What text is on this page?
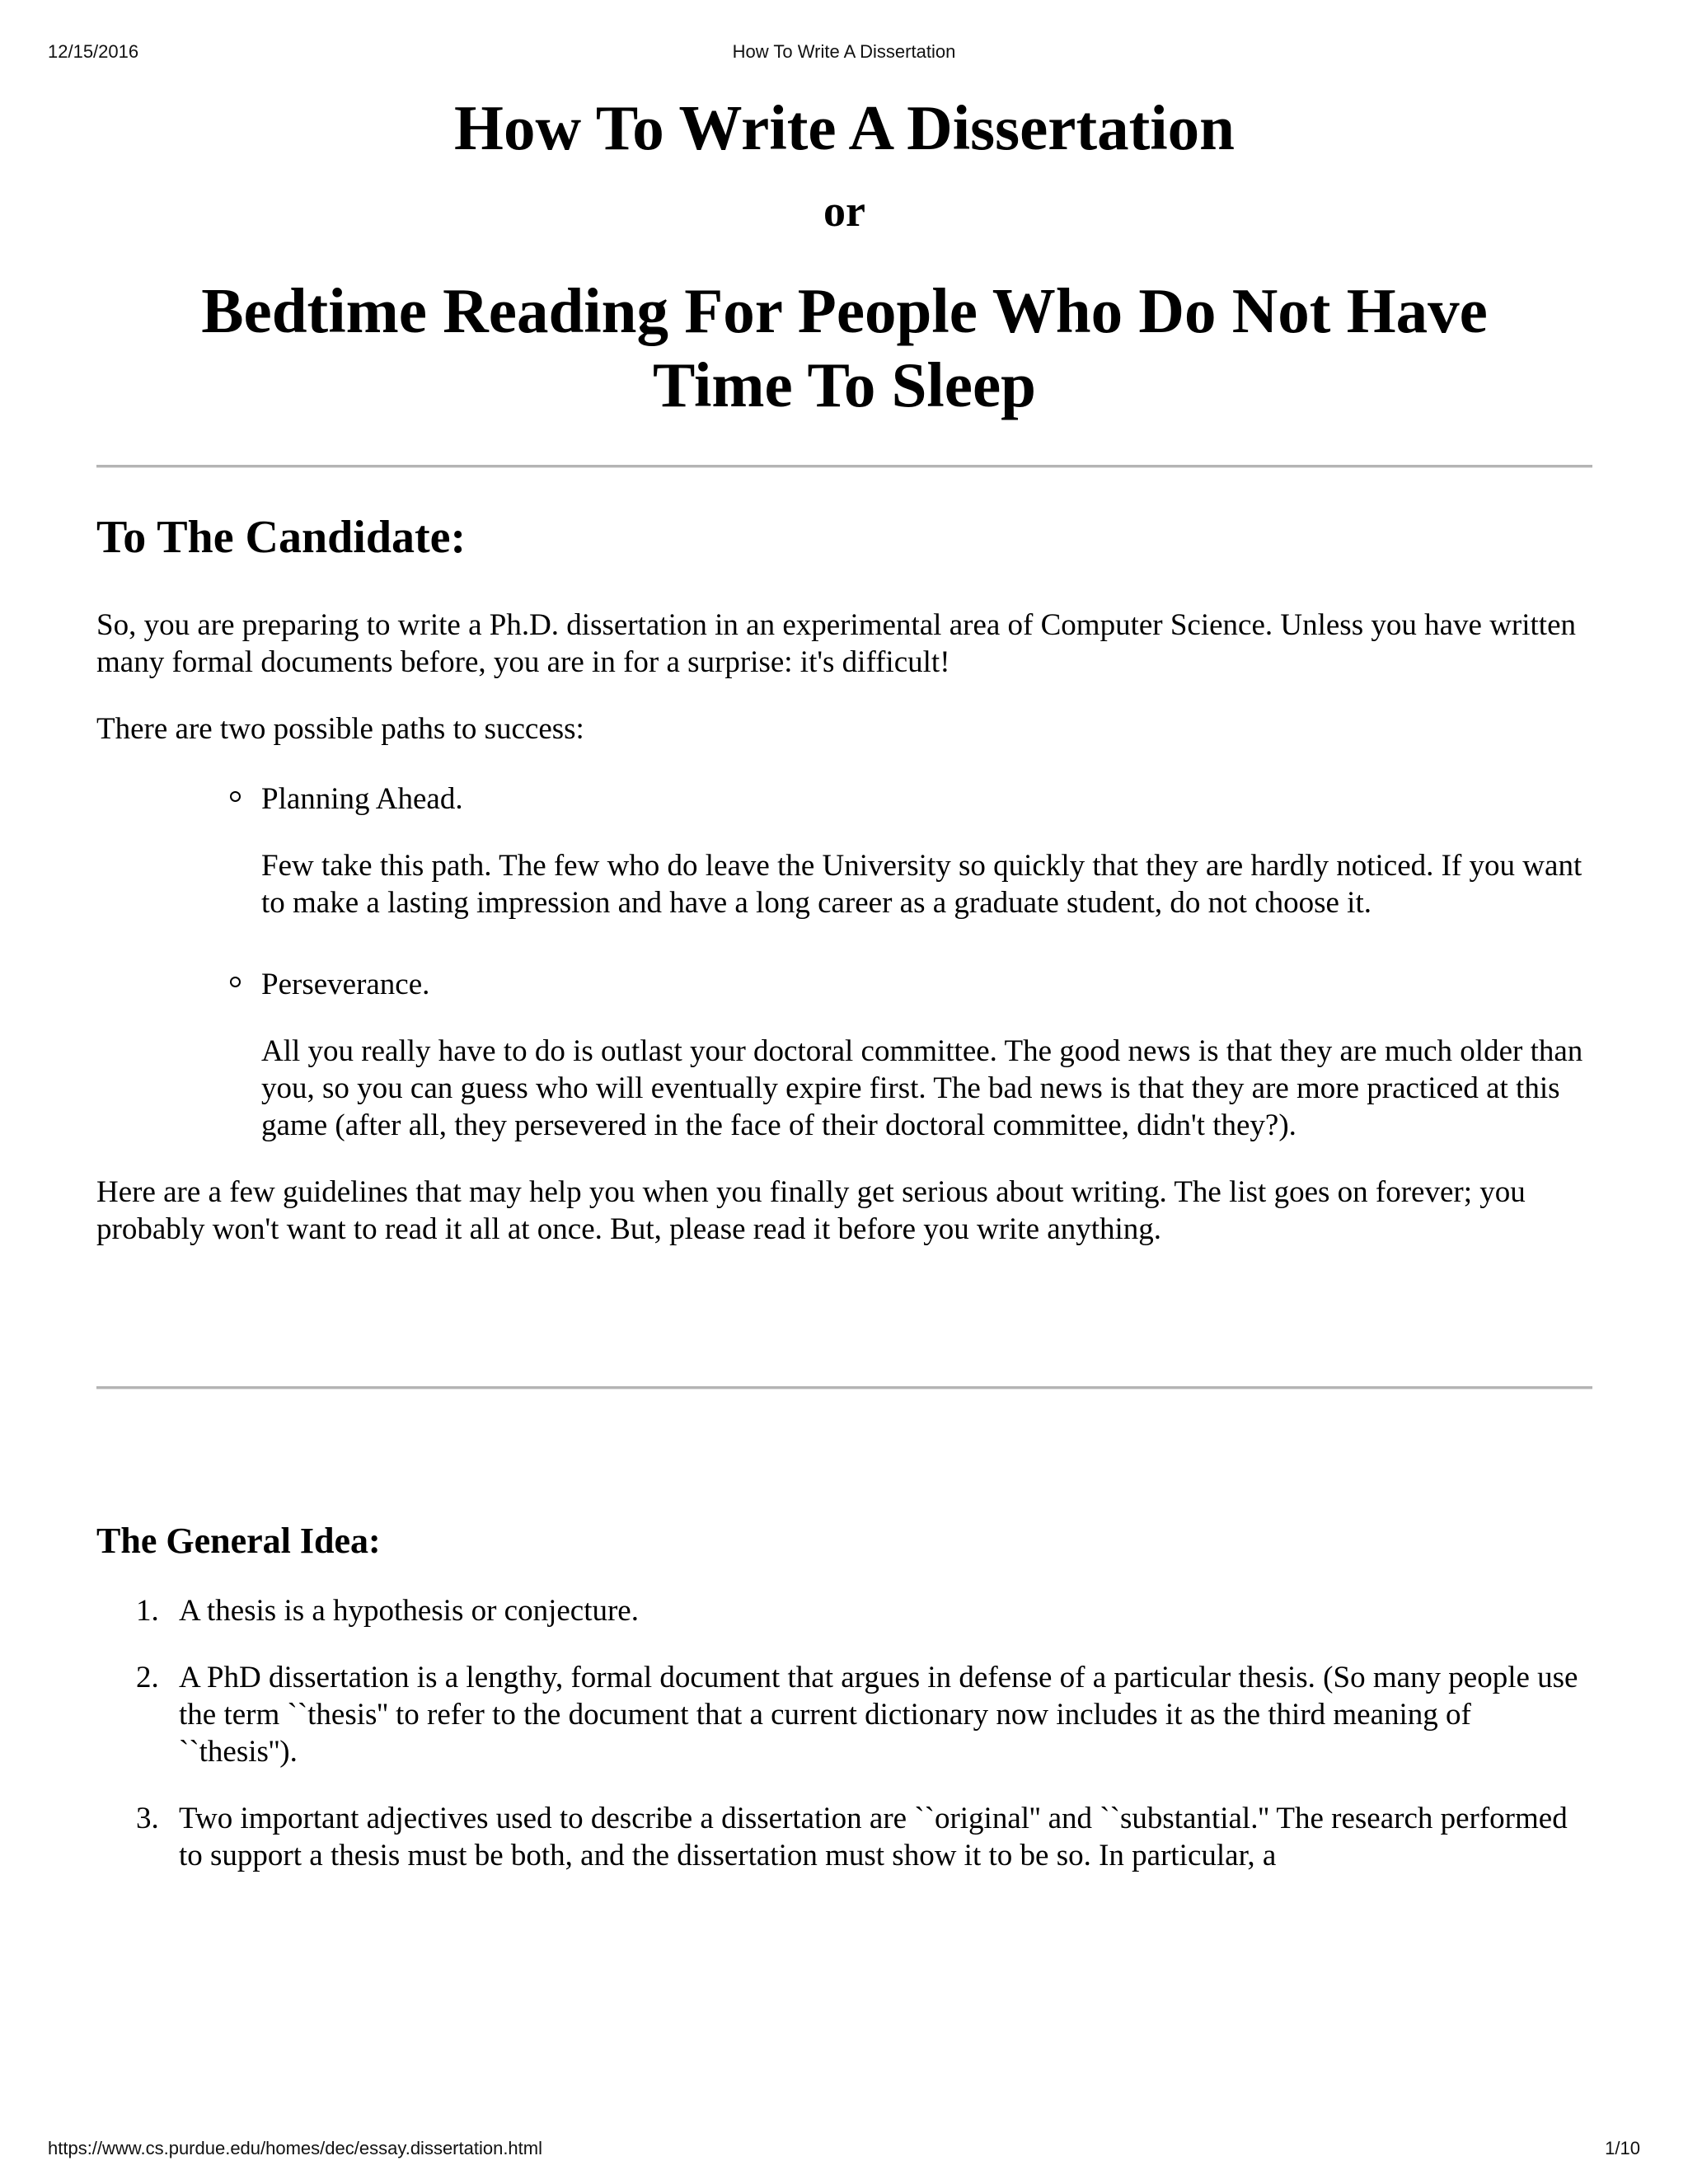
12/15/2016	How To Write A Dissertation
How To Write A Dissertation
or
Bedtime Reading For People Who Do Not Have
Time To Sleep
To The Candidate:

So, you are preparing to write a Ph.D. dissertation in an experimental area of Computer Science. Unless you have written many formal documents before, you are in for a surprise: it's difficult!

There are two possible paths to success:

Planning Ahead.
Few take this path. The few who do leave the University so quickly that they are hardly noticed. If you want to make a lasting impression and have a long career as a graduate student, do not choose it.
Perseverance.
All you really have to do is outlast your doctoral committee. The good news is that they are much older than you, so you can guess who will eventually expire first. The bad news is that they are more practiced at this game (after all, they persevered in the face of their doctoral committee, didn't they?).

Here are a few guidelines that may help you when you finally get serious about writing. The list goes on forever; you probably won't want to read it all at once. But, please read it before you write anything.

The General Idea:
1. A thesis is a hypothesis or conjecture.
2. A PhD dissertation is a lengthy, formal document that argues in defense of a particular thesis. (So many people use the term ``thesis'' to refer to the document that a current dictionary now includes it as the third meaning of ``thesis'').
3. Two important adjectives used to describe a dissertation are ``original'' and ``substantial.'' The research performed to support a thesis must be both, and the dissertation must show it to be so. In particular, a
https://www.cs.purdue.edu/homes/dec/essay.dissertation.html	1/10
